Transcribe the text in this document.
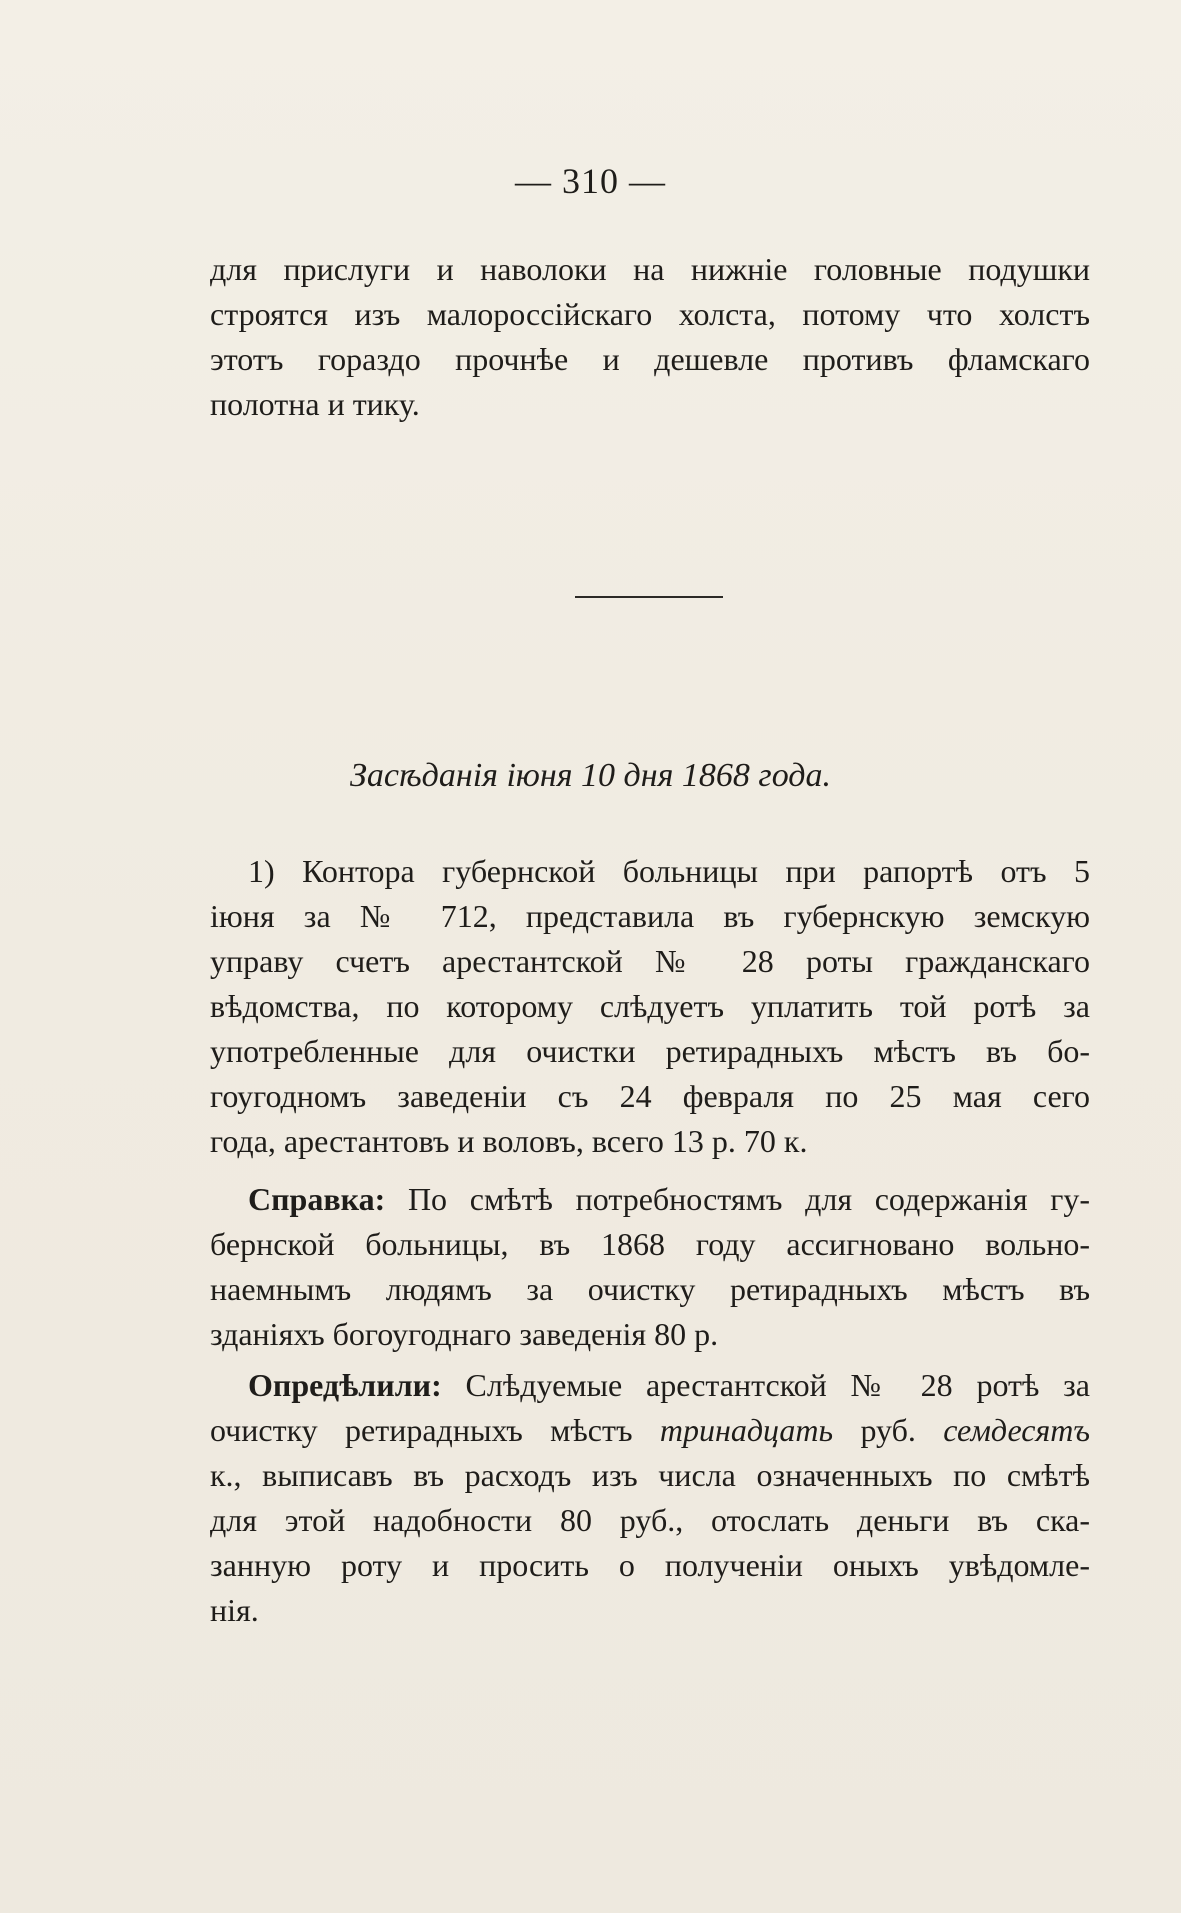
— 310 —
для прислуги и наволоки на нижніе головные подушки
строятся изъ малороссійскаго холста, потому что холстъ
этотъ гораздо прочнѣе и дешевле противъ фламскаго
полотна и тику.
Засѣданія іюня 10 дня 1868 года.
1) Контора губернской больницы при рапортѣ отъ 5
іюня за № 712, представила въ губернскую земскую
управу счетъ арестантской № 28 роты гражданскаго
вѣдомства, по которому слѣдуетъ уплатить той ротѣ за
употребленные для очистки ретирадныхъ мѣстъ въ бо-
гоугодномъ заведеніи съ 24 февраля по 25 мая сего
года, арестантовъ и воловъ, всего 13 р. 70 к.
Справка: По смѣтѣ потребностямъ для содержанія гу-
бернской больницы, въ 1868 году ассигновано вольно-
наемнымъ людямъ за очистку ретирадныхъ мѣстъ въ
зданіяхъ богоугоднаго заведенія 80 р.
Опредѣлили: Слѣдуемые арестантской № 28 ротѣ за
очистку ретирадныхъ мѣстъ тринадцать руб. семдесятъ
к., выписавъ въ расходъ изъ числа означенныхъ по смѣтѣ
для этой надобности 80 руб., отослать деньги въ ска-
занную роту и просить о полученіи оныхъ увѣдомле-
нія.
